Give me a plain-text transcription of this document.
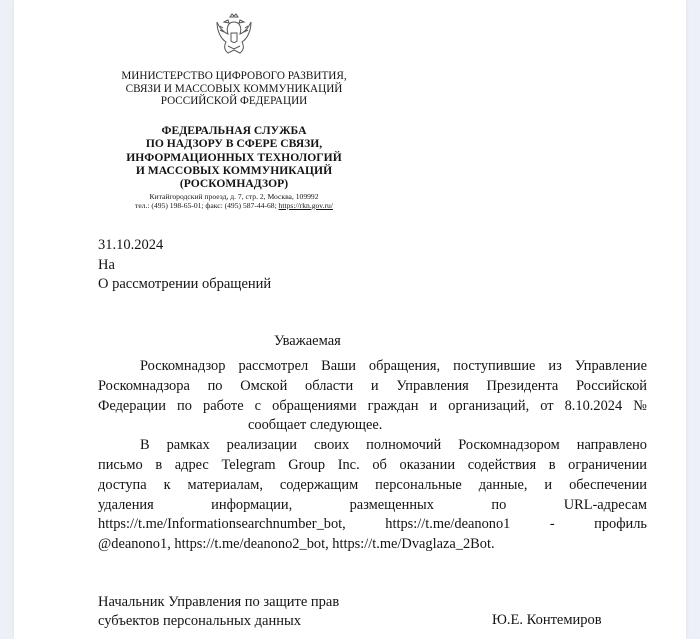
МИНИСТЕРСТВО ЦИФРОВОГО РАЗВИТИЯ,
СВЯЗИ И МАССОВЫХ КОММУНИКАЦИЙ
РОССИЙСКОЙ ФЕДЕРАЦИИ
ФЕДЕРАЛЬНАЯ СЛУЖБА
ПО НАДЗОРУ В СФЕРЕ СВЯЗИ,
ИНФОРМАЦИОННЫХ ТЕХНОЛОГИЙ
И МАССОВЫХ КОММУНИКАЦИЙ
(РОСКОМНАДЗОР)
Китайгородский проезд, д. 7, стр. 2, Москва, 109992
тел.: (495) 198-65-01; факс: (495) 587-44-68; https://rkn.gov.ru/
31.10.2024
На
О рассмотрении обращений
Уважаемая
Роскомнадзор рассмотрел Ваши обращения, поступившие из Управление
Роскомнадзора по Омской области и Управления Президента Российской
Федерации по работе с обращениями граждан и организаций, от 8.10.2024 №
сообщает следующее.
В рамках реализации своих полномочий Роскомнадзором направлено
письмо в адрес Telegram Group Inc. об оказании содействия в ограничении
доступа к материалам, содержащим персональные данные, и обеспечении
удаления информации, размещенных по URL-адресам
https://t.me/Informationsearchnumber_bot, https://t.me/deanono1 - профиль
@deanono1, https://t.me/deanono2_bot, https://t.me/Dvaglaza_2Bot.
Начальник Управления по защите прав
субъектов персональных данных	Ю.Е. Контемиров
